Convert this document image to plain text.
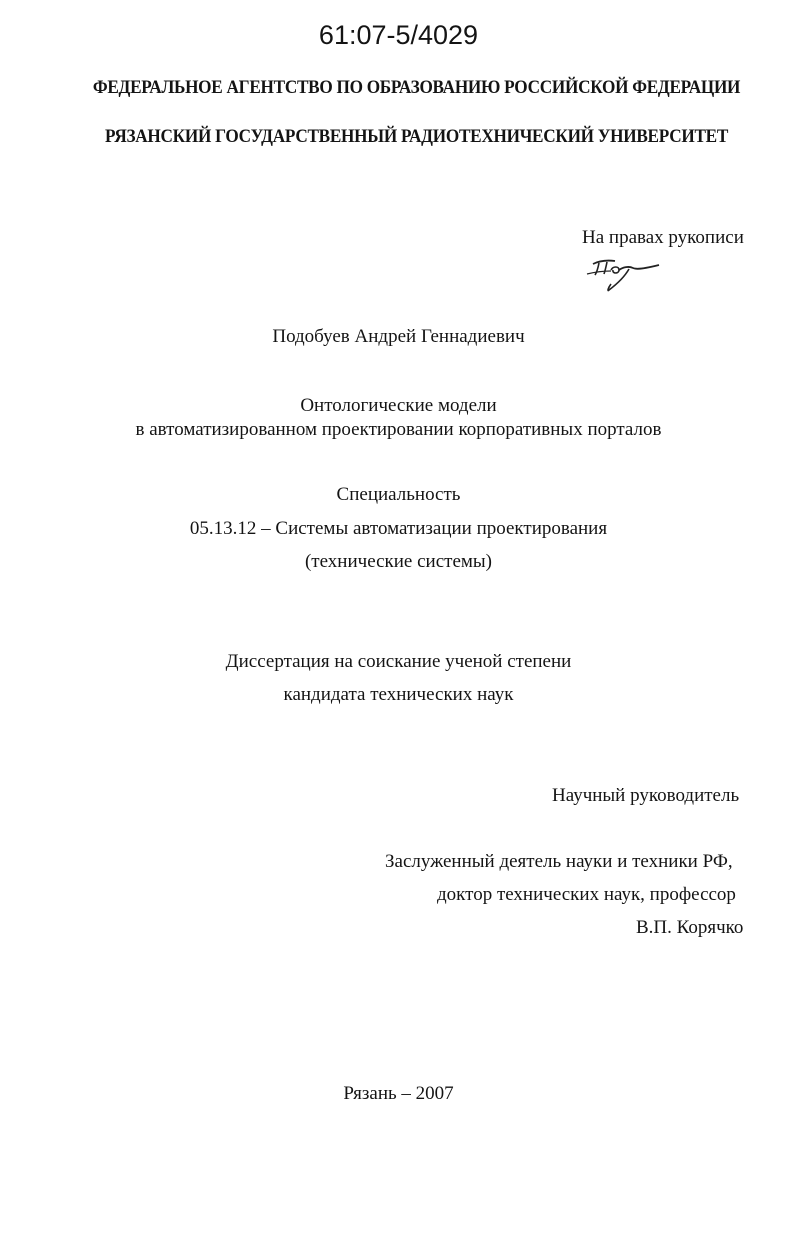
61:07-5/4029
ФЕДЕРАЛЬНОЕ АГЕНТСТВО ПО ОБРАЗОВАНИЮ РОССИЙСКОЙ ФЕДЕРАЦИИ
РЯЗАНСКИЙ ГОСУДАРСТВЕННЫЙ РАДИОТЕХНИЧЕСКИЙ УНИВЕРСИТЕТ
На правах рукописи
Подобуев Андрей Геннадиевич
Онтологические модели
в автоматизированном проектировании корпоративных порталов
Специальность
05.13.12 – Системы автоматизации проектирования
(технические системы)
Диссертация на соискание ученой степени
кандидата технических наук
Научный руководитель
Заслуженный деятель науки и техники РФ,
доктор технических наук, профессор
В.П. Корячко
Рязань – 2007
